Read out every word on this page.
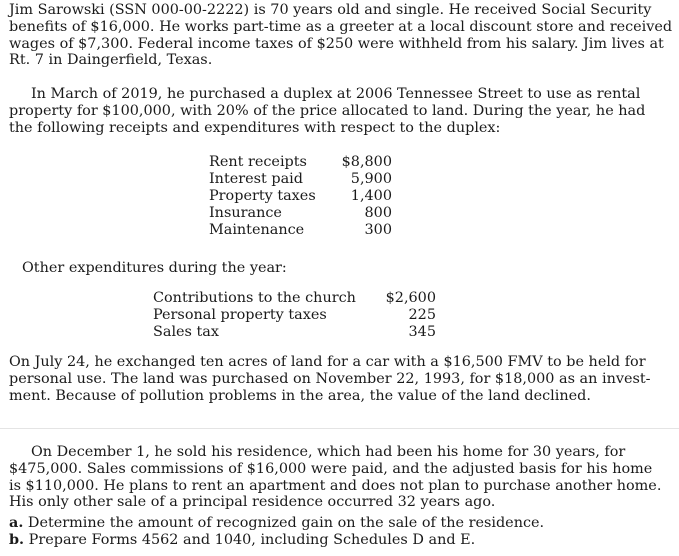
Jim Sarowski (SSN 000-00-2222) is 70 years old and single. He received Social Security
benefits of $16,000. He works part-time as a greeter at a local discount store and received
wages of $7,300. Federal income taxes of $250 were withheld from his salary. Jim lives at
Rt. 7 in Daingerfield, Texas.
In March of 2019, he purchased a duplex at 2006 Tennessee Street to use as rental
property for $100,000, with 20% of the price allocated to land. During the year, he had
the following receipts and expenditures with respect to the duplex:
Rent receipts	$8,800
Interest paid	5,900
Property taxes	1,400
Insurance	800
Maintenance	300
Other expenditures during the year:
Contributions to the church	$2,600
Personal property taxes	225
Sales tax	345
On July 24, he exchanged ten acres of land for a car with a $16,500 FMV to be held for
personal use. The land was purchased on November 22, 1993, for $18,000 as an invest-
ment. Because of pollution problems in the area, the value of the land declined.
On December 1, he sold his residence, which had been his home for 30 years, for
$475,000. Sales commissions of $16,000 were paid, and the adjusted basis for his home
is $110,000. He plans to rent an apartment and does not plan to purchase another home.
His only other sale of a principal residence occurred 32 years ago.
a. Determine the amount of recognized gain on the sale of the residence.
b. Prepare Forms 4562 and 1040, including Schedules D and E.
